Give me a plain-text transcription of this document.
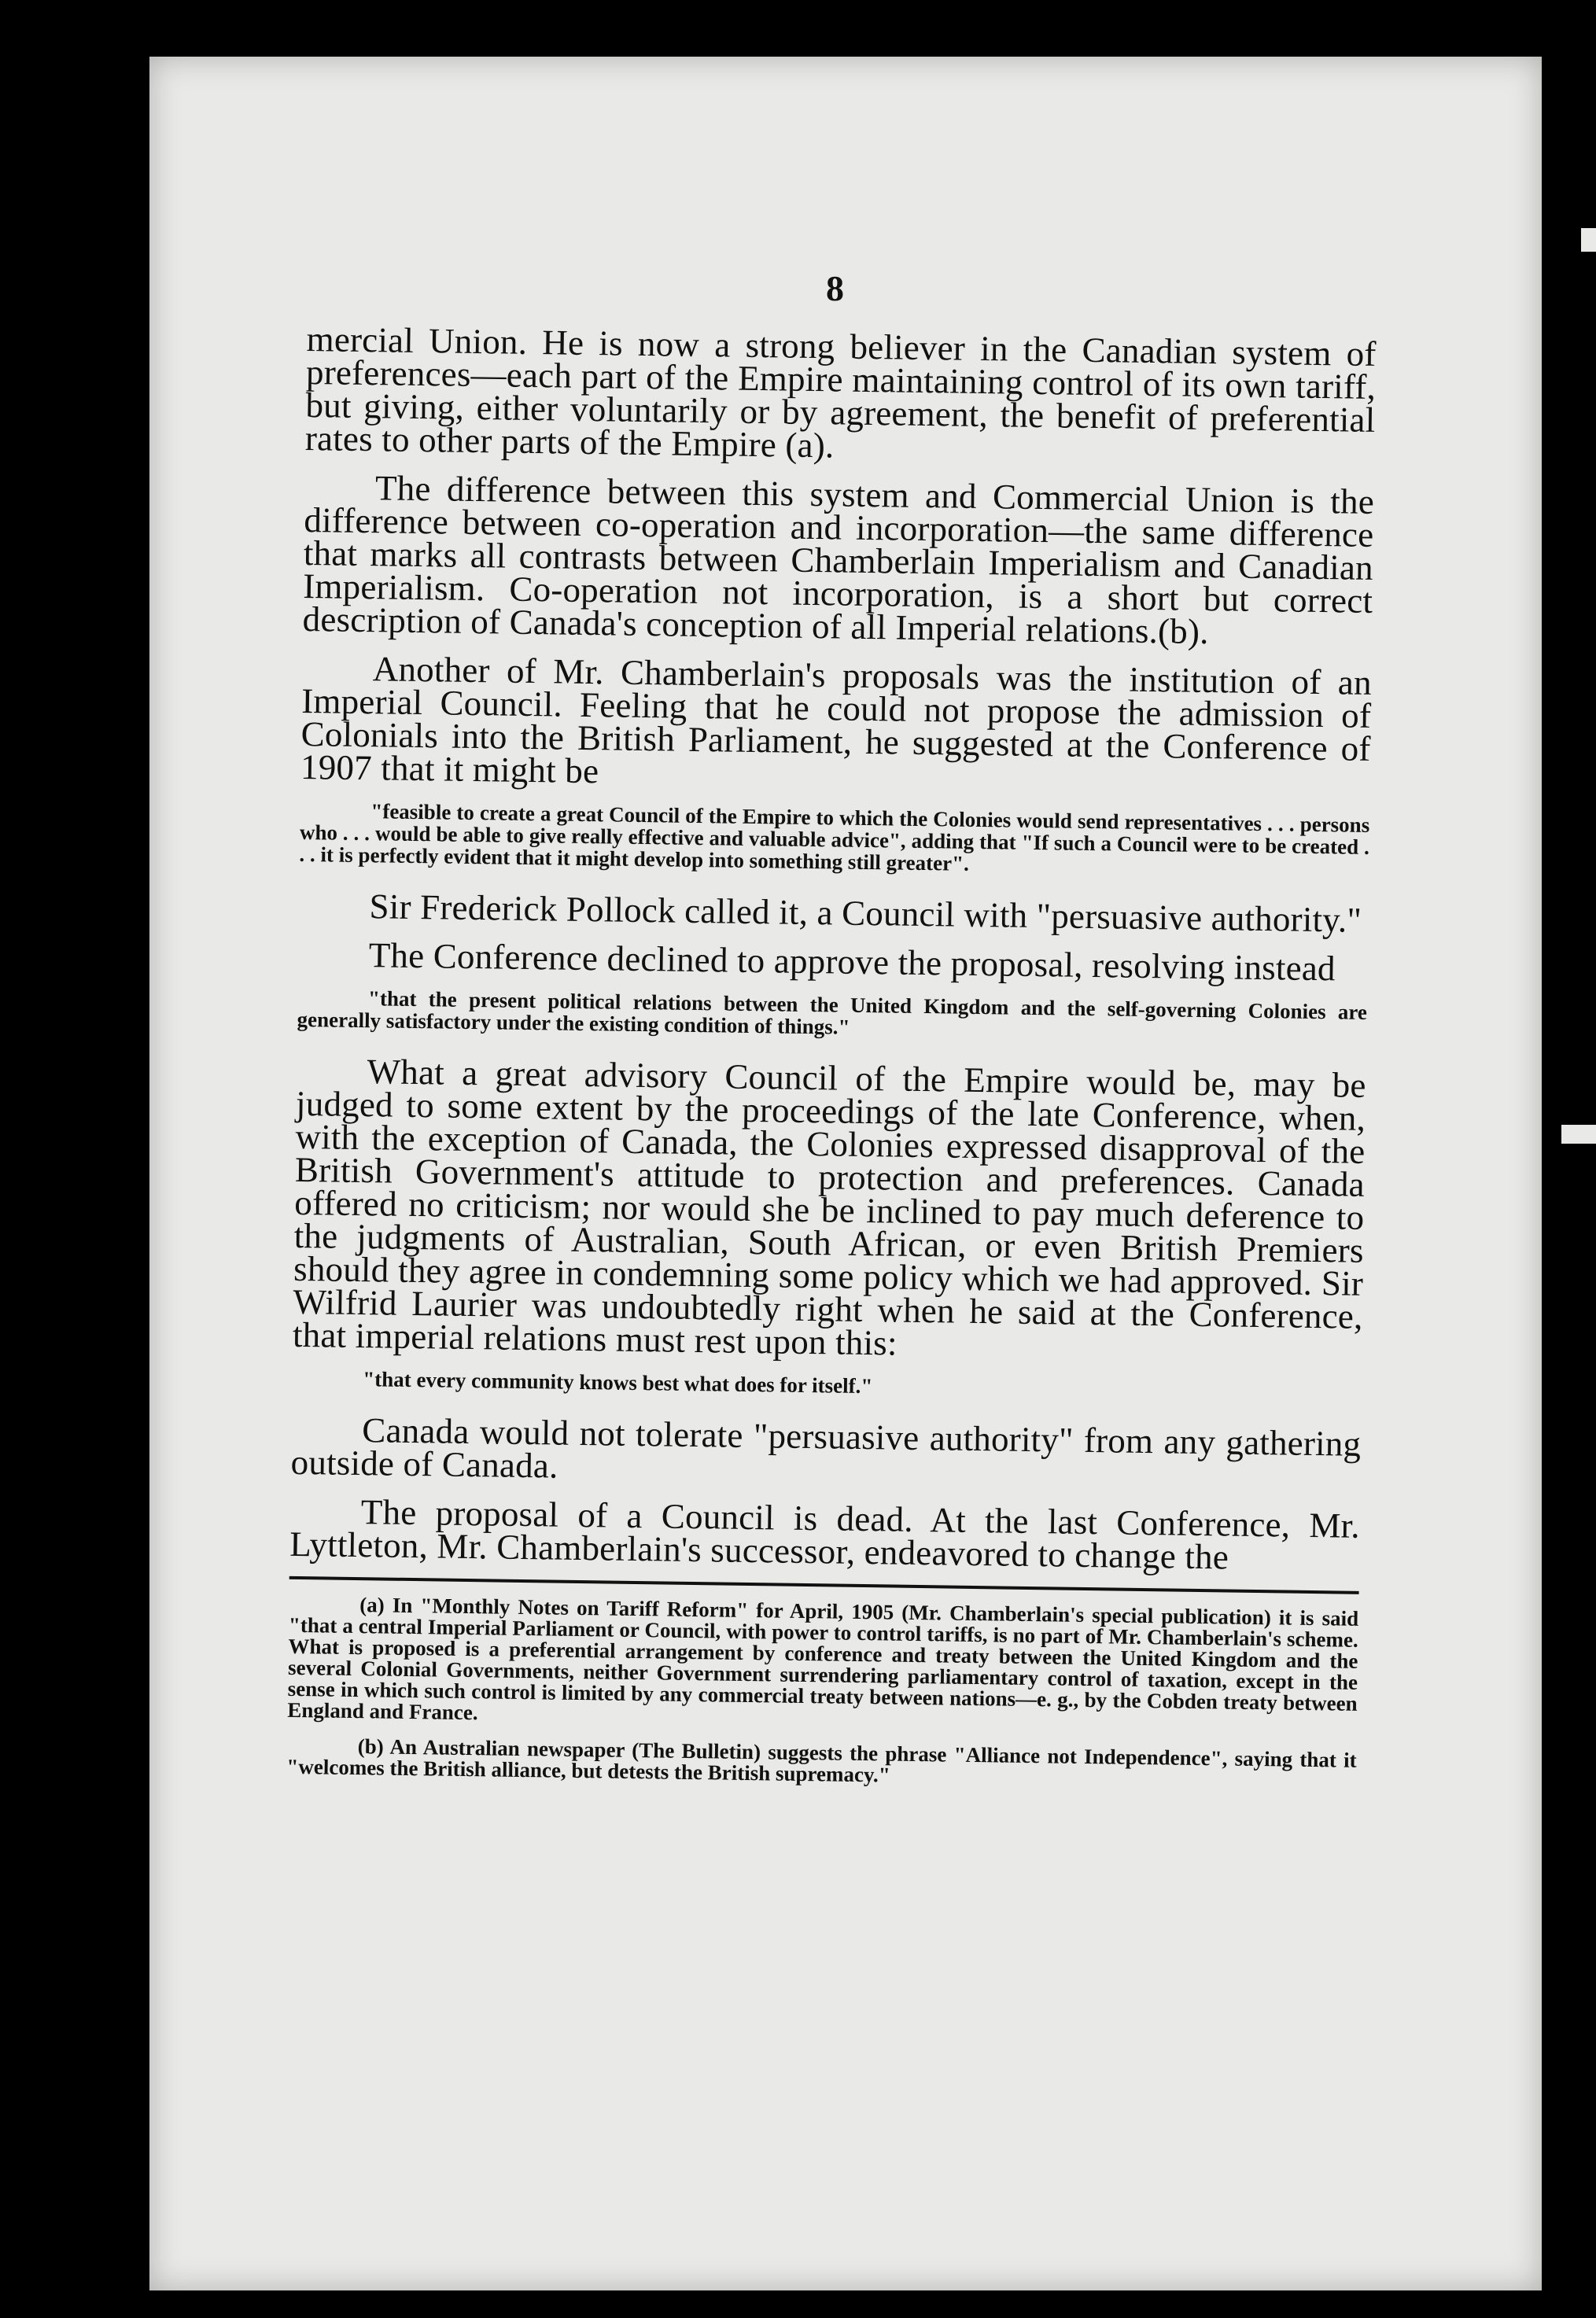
8

mercial Union. He is now a strong believer in the Canadian system of preferences—each part of the Empire maintaining control of its own tariff, but giving, either voluntarily or by agreement, the benefit of preferential rates to other parts of the Empire (a).

The difference between this system and Commercial Union is the difference between co-operation and incorporation—the same difference that marks all contrasts between Chamberlain Imperialism and Canadian Imperialism. Co-operation not incorporation, is a short but correct description of Canada's conception of all Imperial relations.(b).

Another of Mr. Chamberlain's proposals was the institution of an Imperial Council. Feeling that he could not propose the admission of Colonials into the British Parliament, he suggested at the Conference of 1907 that it might be

"feasible to create a great Council of the Empire to which the Colonies would send representatives . . . persons who . . . would be able to give really effective and valuable advice", adding that "If such a Council were to be created . . . it is perfectly evident that it might develop into something still greater".

Sir Frederick Pollock called it, a Council with "persuasive authority."

The Conference declined to approve the proposal, resolving instead

"that the present political relations between the United Kingdom and the self-governing Colonies are generally satisfactory under the existing condition of things."

What a great advisory Council of the Empire would be, may be judged to some extent by the proceedings of the late Conference, when, with the exception of Canada, the Colonies expressed disapproval of the British Government's attitude to protection and preferences. Canada offered no criticism; nor would she be inclined to pay much deference to the judgments of Australian, South African, or even British Premiers should they agree in condemning some policy which we had approved. Sir Wilfrid Laurier was undoubtedly right when he said at the Conference, that imperial relations must rest upon this:

"that every community knows best what does for itself."

Canada would not tolerate "persuasive authority" from any gathering outside of Canada.

The proposal of a Council is dead. At the last Conference, Mr. Lyttleton, Mr. Chamberlain's successor, endeavored to change the

(a) In "Monthly Notes on Tariff Reform" for April, 1905 (Mr. Chamberlain's special publication) it is said "that a central Imperial Parliament or Council, with power to control tariffs, is no part of Mr. Chamberlain's scheme. What is proposed is a preferential arrangement by conference and treaty between the United Kingdom and the several Colonial Governments, neither Government surrendering parliamentary control of taxation, except in the sense in which such control is limited by any commercial treaty between nations—e. g., by the Cobden treaty between England and France.

(b) An Australian newspaper (The Bulletin) suggests the phrase "Alliance not Independence", saying that it "welcomes the British alliance, but detests the British supremacy."
